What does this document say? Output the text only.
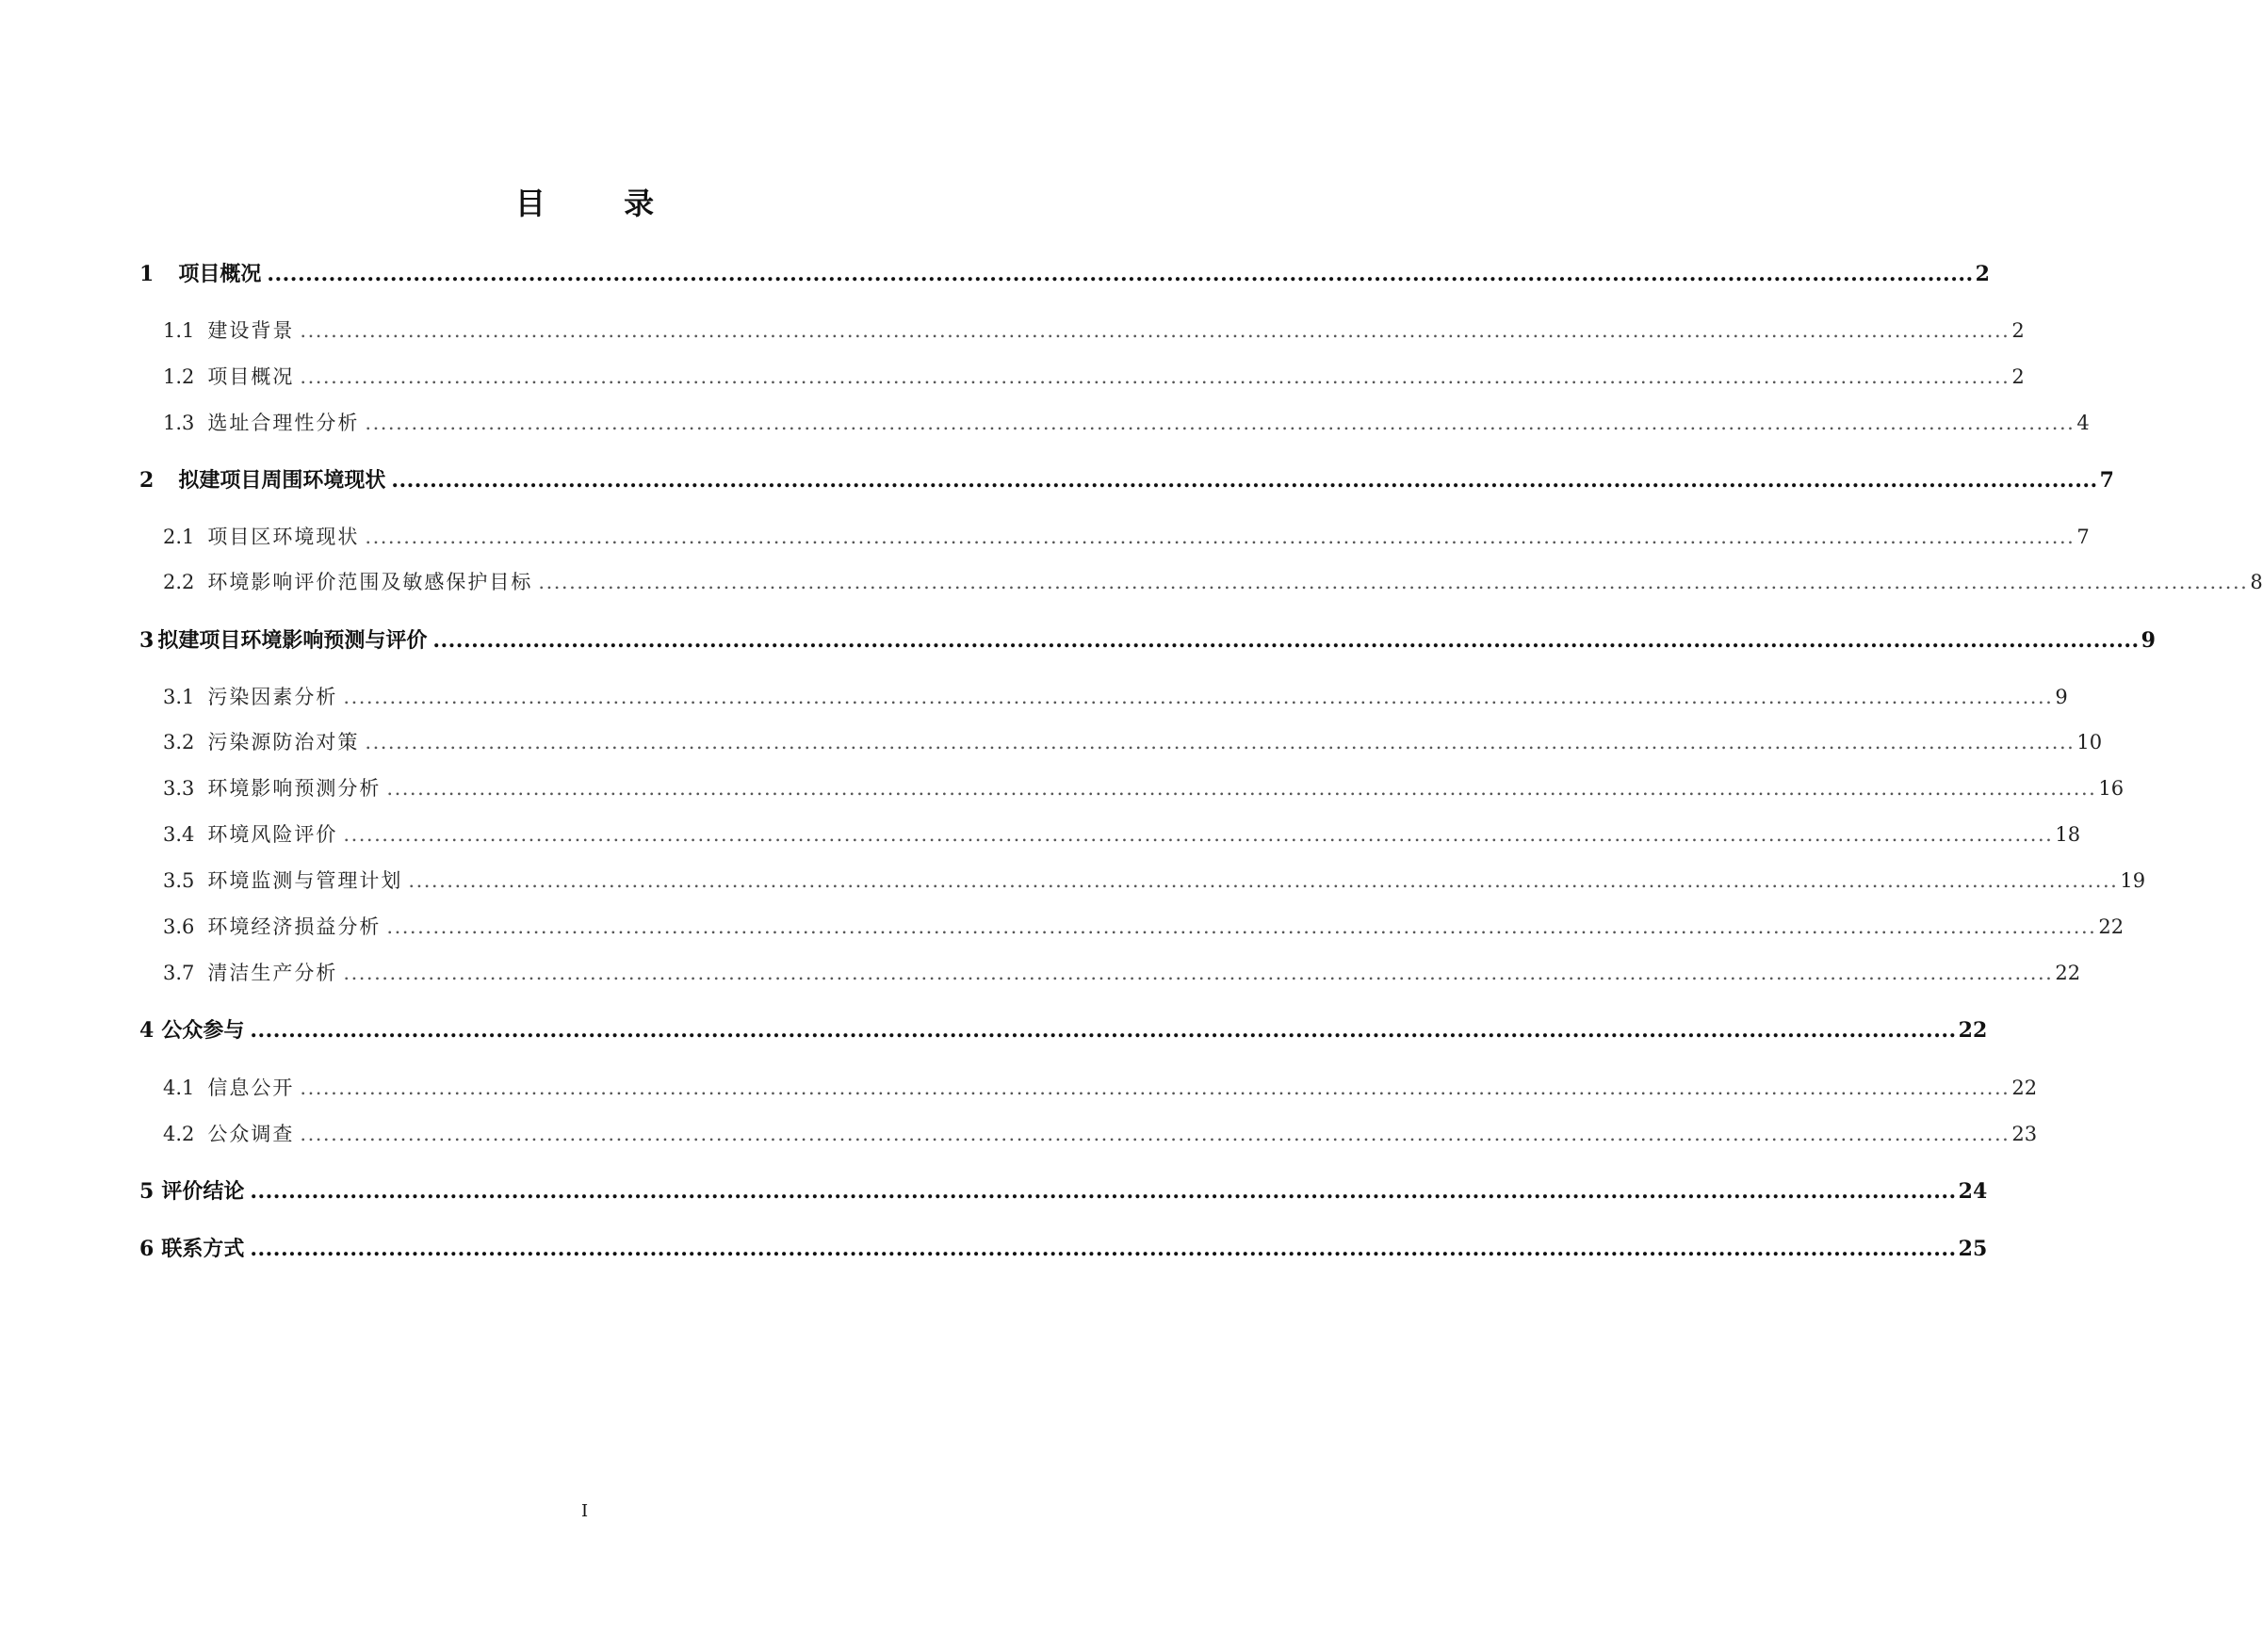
目 录
1 项目概况 .............................................................................................................................................................................................................................. 2
1.1 建设背景 .............................................................................................................................................................................................................................. 2
1.2 项目概况 .............................................................................................................................................................................................................................. 2
1.3 选址合理性分析 .............................................................................................................................................................................................................................. 4
2 拟建项目周围环境现状 .............................................................................................................................................................................................................................. 7
2.1 项目区环境现状 .............................................................................................................................................................................................................................. 7
2.2 环境影响评价范围及敏感保护目标 .............................................................................................................................................................................................................................. 8
3 拟建项目环境影响预测与评价 .............................................................................................................................................................................................................................. 9
3.1 污染因素分析 .............................................................................................................................................................................................................................. 9
3.2 污染源防治对策 .............................................................................................................................................................................................................................. 10
3.3 环境影响预测分析 .............................................................................................................................................................................................................................. 16
3.4 环境风险评价 .............................................................................................................................................................................................................................. 18
3.5 环境监测与管理计划 .............................................................................................................................................................................................................................. 19
3.6 环境经济损益分析 .............................................................................................................................................................................................................................. 22
3.7 清洁生产分析 .............................................................................................................................................................................................................................. 22
4 公众参与 .............................................................................................................................................................................................................................. 22
4.1 信息公开 .............................................................................................................................................................................................................................. 22
4.2 公众调查 .............................................................................................................................................................................................................................. 23
5 评价结论 .............................................................................................................................................................................................................................. 24
6 联系方式 .............................................................................................................................................................................................................................. 25
I
